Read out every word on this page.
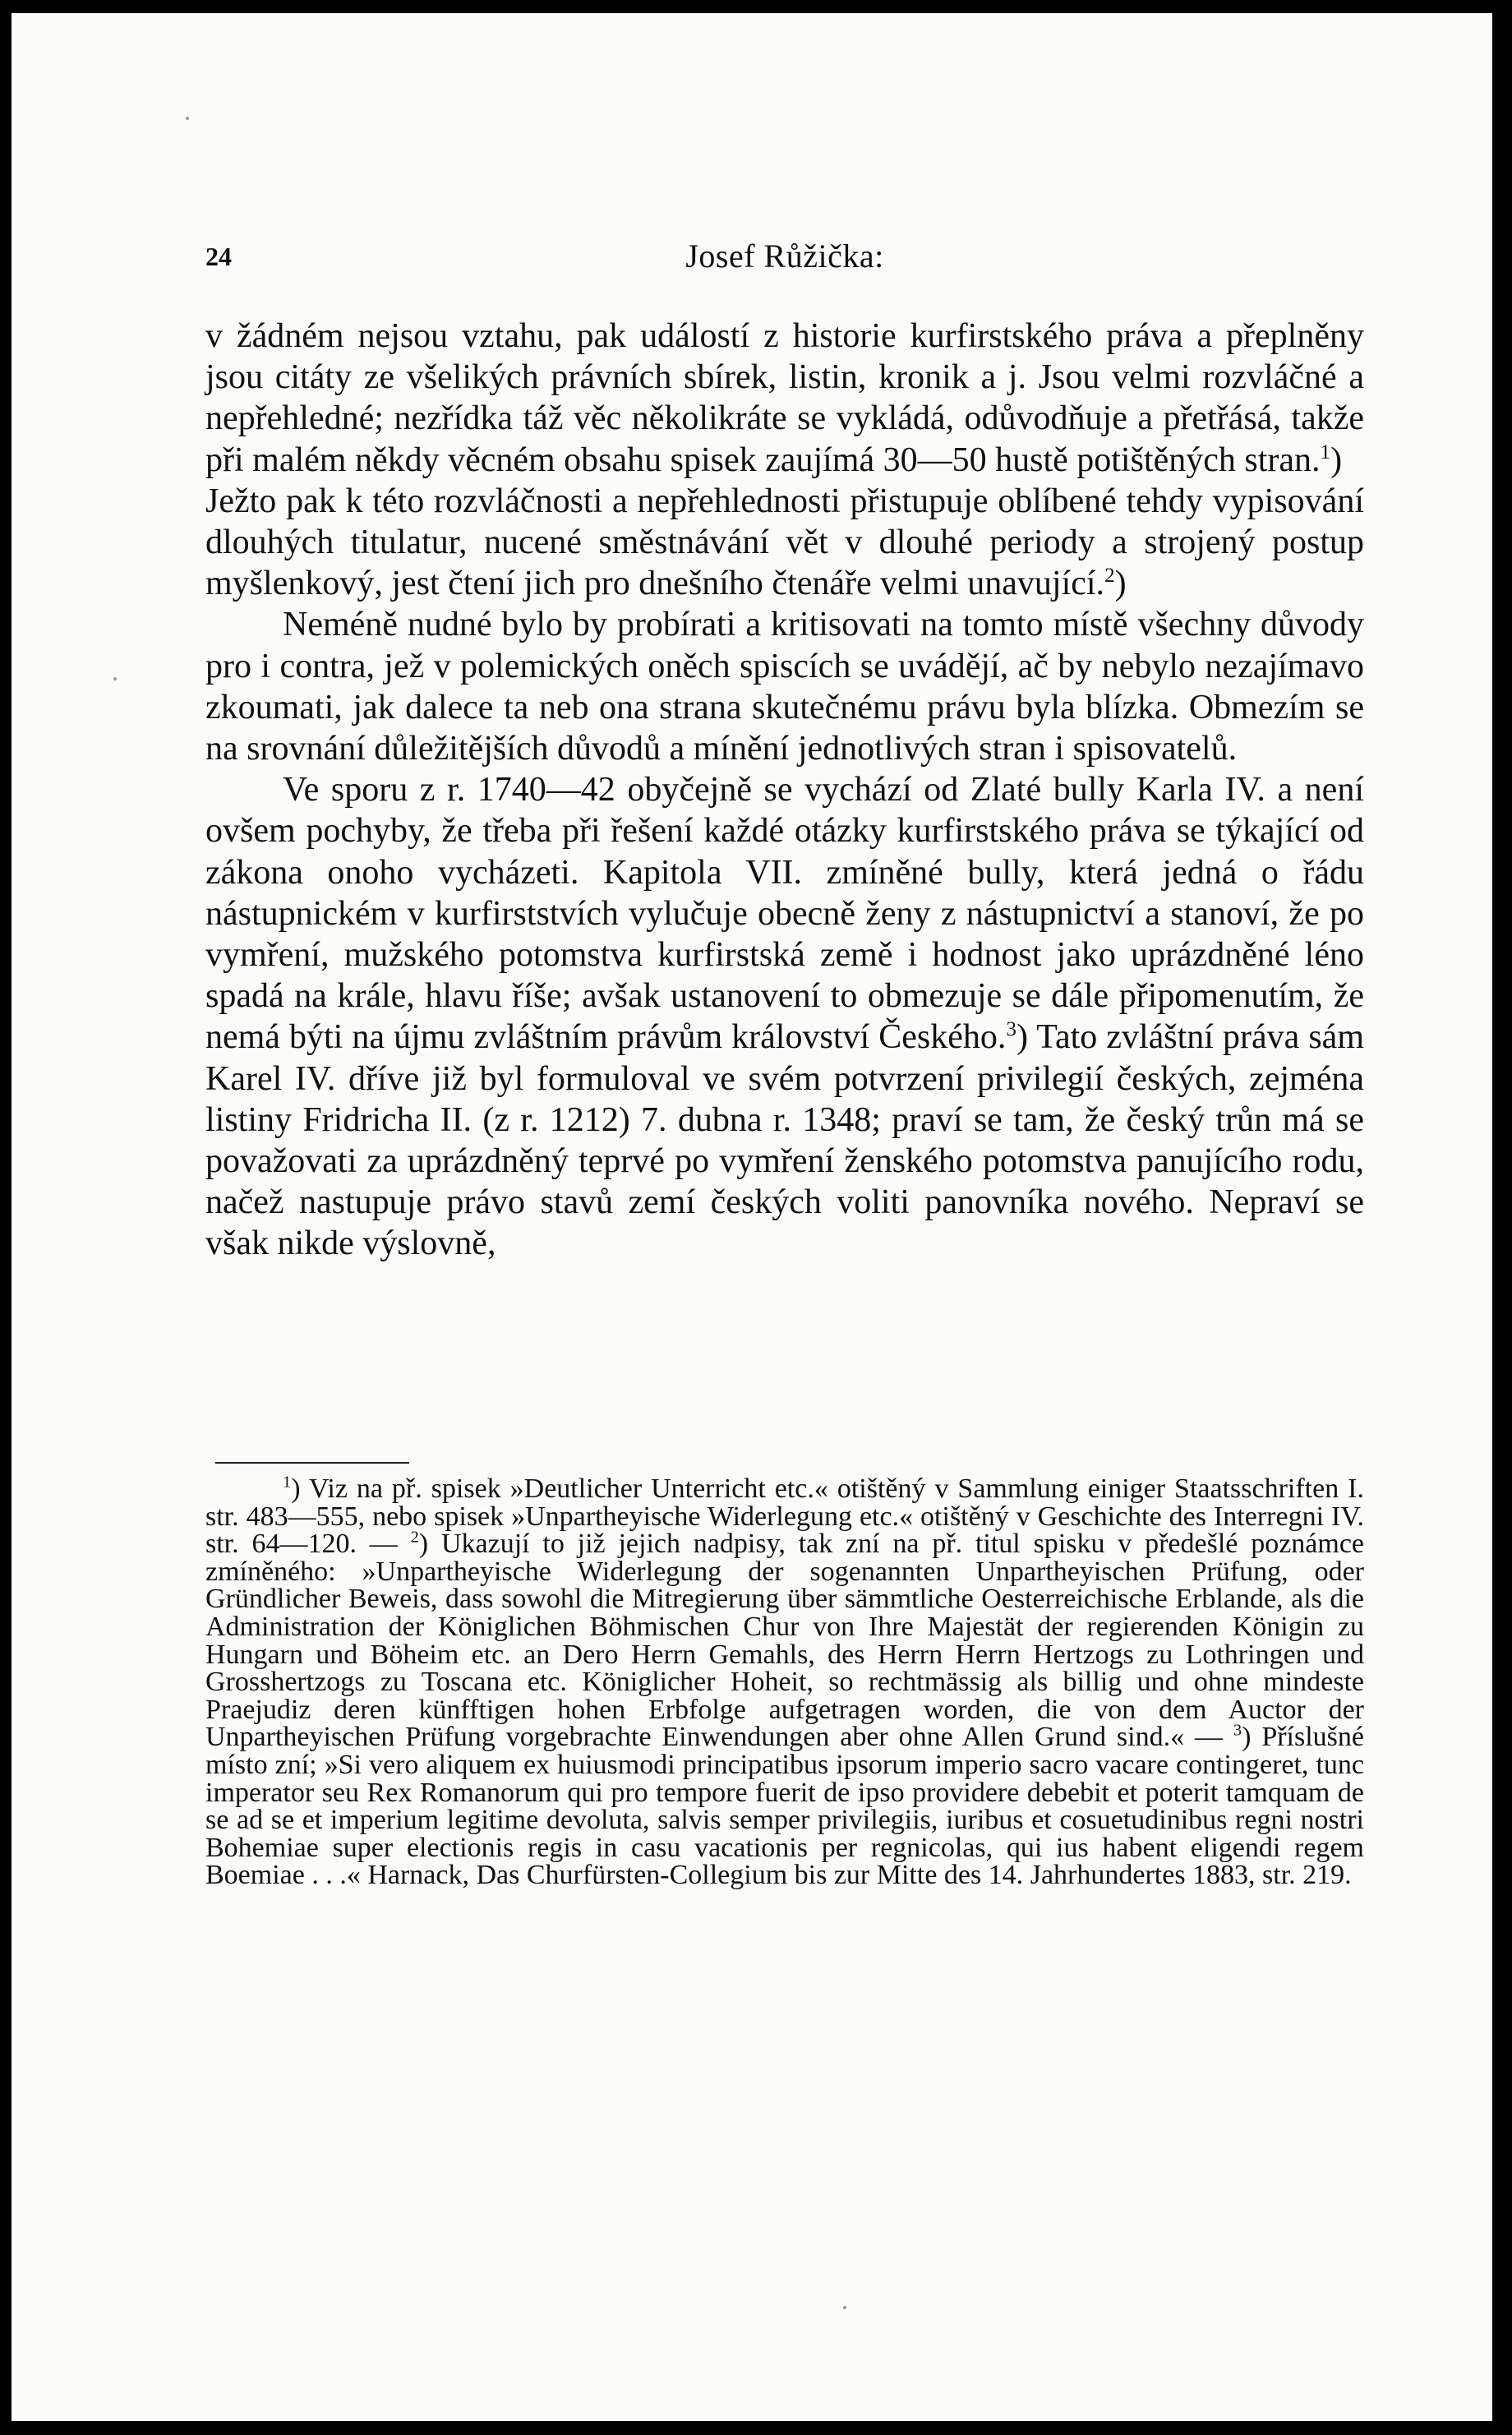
24	Josef Růžička:

v žádném nejsou vztahu, pak událostí z historie kurfirstského práva a přeplněny jsou citáty ze všelikých právních sbírek, listin, kronik a j. Jsou velmi rozvláčné a nepřehledné; nezřídka táž věc několikráte se vykládá, odůvodňuje a přetřásá, takže při malém někdy věcném obsahu spisek zaujímá 30—50 hustě potištěných stran.$^1$)

Ježto pak k této rozvláčnosti a nepřehlednosti přistupuje oblíbené tehdy vypisování dlouhých titulatur, nucené směstnávání vět v dlouhé periody a strojený postup myšlenkový, jest čtení jich pro dnešního čtenáře velmi unavující.$^2$)

Neméně nudné bylo by probírati a kritisovati na tomto místě všechny důvody pro i contra, jež v polemických oněch spiscích se uvádějí, ač by nebylo nezajímavo zkoumati, jak dalece ta neb ona strana skutečnému právu byla blízka. Obmezím se na srovnání důležitějších důvodů a mínění jednotlivých stran i spisovatelů.

Ve sporu z r. 1740—42 obyčejně se vychází od Zlaté bully Karla IV. a není ovšem pochyby, že třeba při řešení každé otázky kurfirstského práva se týkající od zákona onoho vycházeti. Kapitola VII. zmíněné bully, která jedná o řádu nástupnickém v kurfirststvích vylučuje obecně ženy z nástupnictví a stanoví, že po vymření, mužského potomstva kurfirstská země i hodnost jako uprázdněné léno spadá na krále, hlavu říše; avšak ustanovení to obmezuje se dále připomenutím, že nemá býti na újmu zvláštním právům království Českého.$^3$) Tato zvláštní práva sám Karel IV. dříve již byl formuloval ve svém potvrzení privilegií českých, zejména listiny Fridricha II. (z r. 1212) 7. dubna r. 1348; praví se tam, že český trůn má se považovati za uprázdněný teprvé po vymření ženského potomstva panujícího rodu, načež nastupuje právo stavů zemí českých voliti panovníka nového. Nepraví se však nikde výslovně,

$^1$) Viz na př. spisek »Deutlicher Unterricht etc.« otištěný v Sammlung einiger Staatsschriften I. str. 483—555, nebo spisek »Unpartheyische Widerlegung etc.« otištěný v Geschichte des Interregni IV. str. 64—120. — $^2$) Ukazují to již jejich nadpisy, tak zní na př. titul spisku v předešlé poznámce zmíněného: »Unpartheyische Widerlegung der sogenannten Unpartheyischen Prüfung, oder Gründlicher Beweis, dass sowohl die Mitregierung über sämmtliche Oesterreichische Erblande, als die Administration der Königlichen Böhmischen Chur von Ihre Majestät der regierenden Königin zu Hungarn und Böheim etc. an Dero Herrn Gemahls, des Herrn Herrn Hertzogs zu Lothringen und Grosshertzogs zu Toscana etc. Königlicher Hoheit, so rechtmässig als billig und ohne mindeste Praejudiz deren künfftigen hohen Erbfolge aufgetragen worden, die von dem Auctor der Unpartheyischen Prüfung vorgebrachte Einwendungen aber ohne Allen Grund sind.« — $^3$) Příslušné místo zní; »Si vero aliquem ex huiusmodi principatibus ipsorum imperio sacro vacare contingeret, tunc imperator seu Rex Romanorum qui pro tempore fuerit de ipso providere debebit et poterit tamquam de se ad se et imperium legitime devoluta, salvis semper privilegiis, iuribus et cosuetudinibus regni nostri Bohemiae super electionis regis in casu vacationis per regnicolas, qui ius habent eligendi regem Boemiae . . .« Harnack, Das Churfürsten-Collegium bis zur Mitte des 14. Jahrhundertes 1883, str. 219.
